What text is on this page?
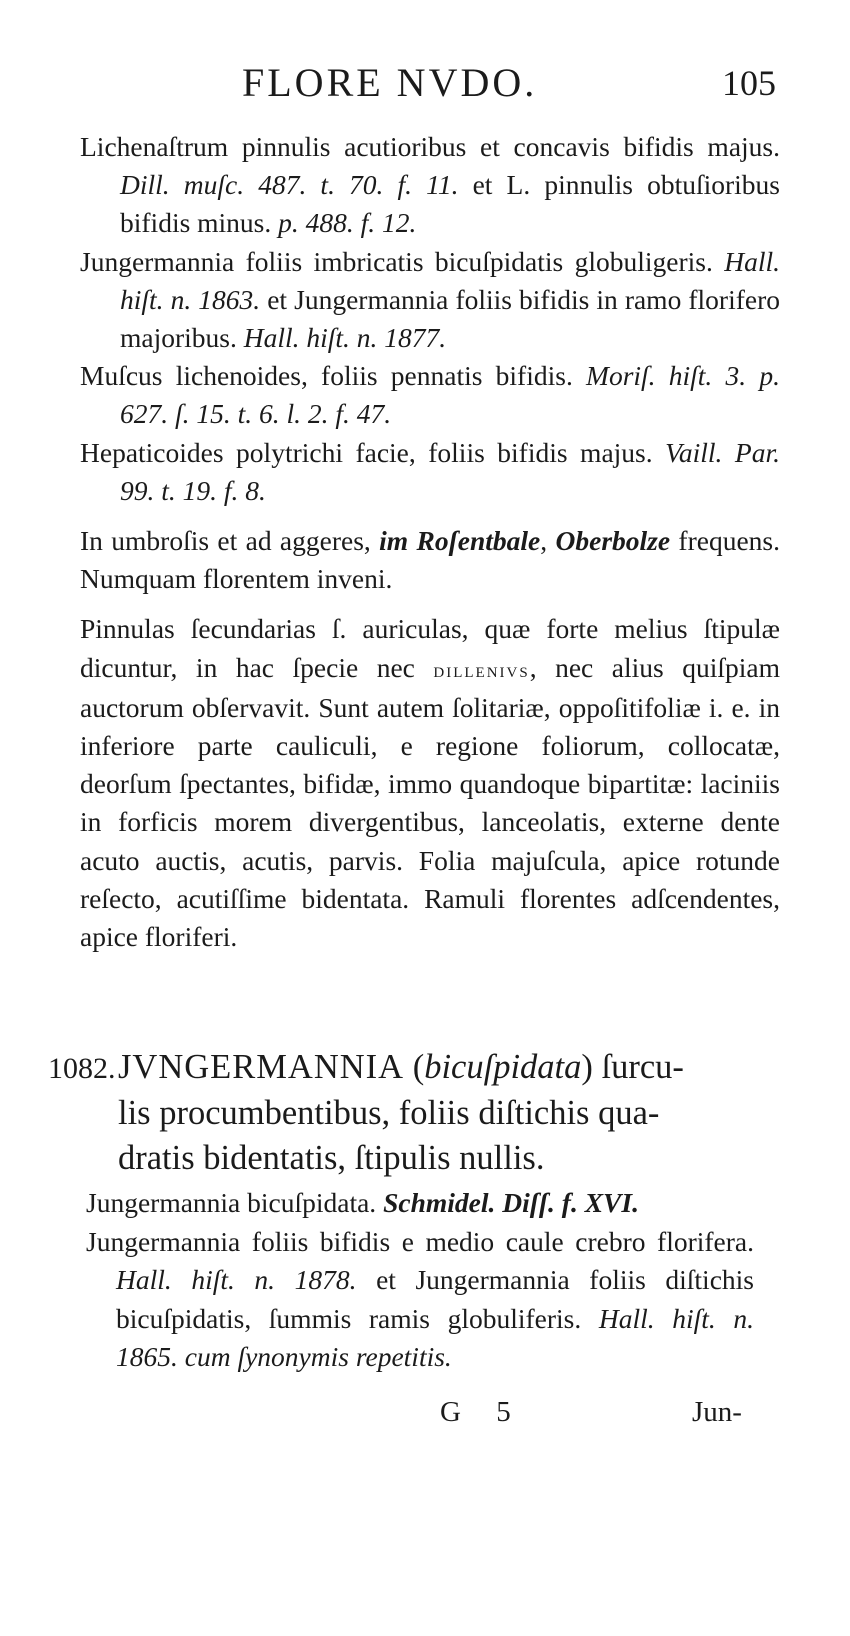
FLORE NVDO.	105

Lichenaſtrum pinnulis acutioribus et concavis bifidis majus. Dill. muſc. 487. t. 70. f. 11. et L. pinnulis obtuſioribus bifidis minus. p. 488. f. 12.

Jungermannia foliis imbricatis bicuſpidatis globuligeris. Hall. hiſt. n. 1863. et Jungermannia foliis bifidis in ramo florifero majoribus. Hall. hiſt. n. 1877.

Muſcus lichenoides, foliis pennatis bifidis. Moriſ. hiſt. 3. p. 627. ſ. 15. t. 6. l. 2. f. 47.

Hepaticoides polytrichi facie, foliis bifidis majus. Vaill. Par. 99. t. 19. f. 8.

In umbroſis et ad aggeres, im Roſentbale, Oberbolze frequens. Numquam florentem inveni.

Pinnulas ſecundarias ſ. auriculas, quæ forte melius ſtipulæ dicuntur, in hac ſpecie nec dillenivs, nec alius quiſpiam auctorum obſervavit. Sunt autem ſolitariæ, oppoſitifoliæ i. e. in inferiore parte cauliculi, e regione foliorum, collocatæ, deorſum ſpectantes, bifidæ, immo quandoque bipartitæ: laciniis in forficis morem divergentibus, lanceolatis, externe dente acuto auctis, acutis, parvis. Folia majuſcula, apice rotunde reſecto, acutiſſime bidentata. Ramuli florentes adſcendentes, apice floriferi.

1082.JVNGERMANNIA (bicuſpidata) ſurcu-
lis procumbentibus, foliis diſtichis qua-
dratis bidentatis, ſtipulis nullis.

Jungermannia bicuſpidata. Schmidel. Diſſ. f. XVI.

Jungermannia foliis bifidis e medio caule crebro florifera. Hall. hiſt. n. 1878. et Jungermannia foliis diſtichis bicuſpidatis, ſummis ramis globuliferis. Hall. hiſt. n. 1865. cum ſynonymis repetitis.

G 5	Jun-
